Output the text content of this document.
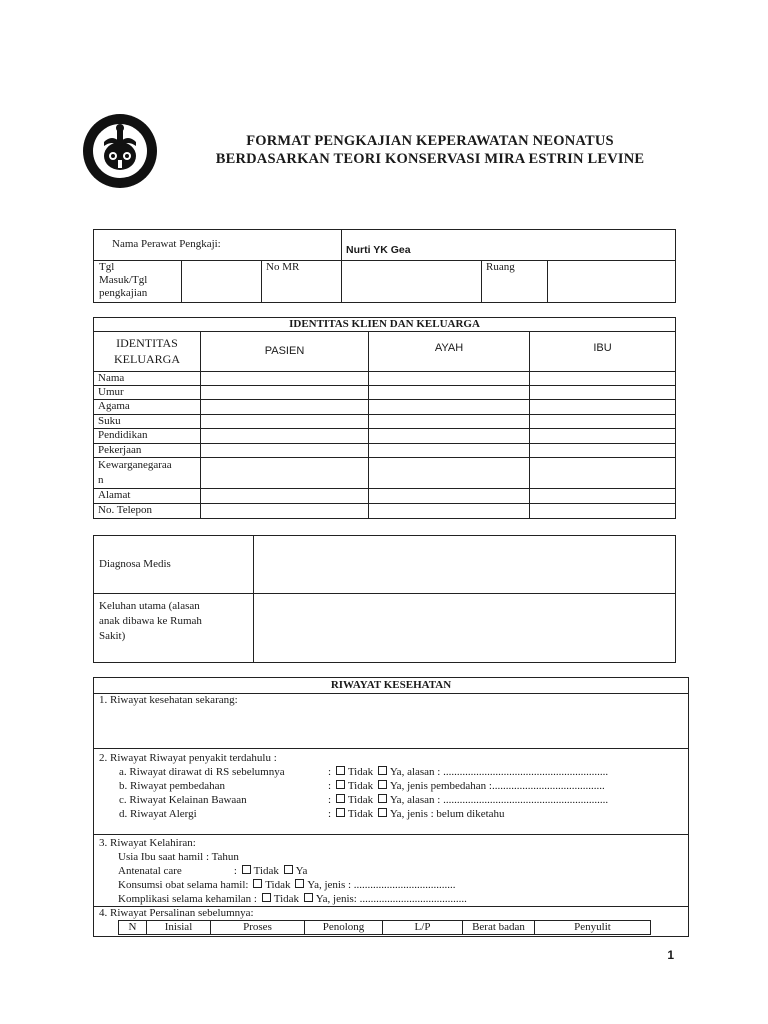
FORMAT PENGKAJIAN KEPERAWATAN NEONATUS
BERDASARKAN TEORI KONSERVASI MIRA ESTRIN LEVINE
Nama Perawat Pengkaji:			Nurti YK Gea		

Tgl
Masuk/Tgl
pengkajian		No MR		Ruang	
IDENTITAS KLIEN DAN KELUARGA			

IDENTITAS
KELUARGA	PASIEN	AYAH	IBU
Nama			
Umur			
Agama			
Suku			
Pendidikan			
Pekerjaan			

Kewarganegaraa
n			

Alamat			
No. Telepon			
Diagnosa Medis	

Keluhan utama (alasan
anak dibawa ke Rumah
Sakit)	

RIWAYAT KESEHATAN
1. Riwayat kesehatan sekarang:
2. Riwayat Riwayat penyakit terdahulu :
a. Riwayat dirawat di RS sebelumnya	: Tidak Ya, alasan : ............................................................
b. Riwayat pembedahan	: Tidak Ya, jenis pembedahan :.........................................
c. Riwayat Kelainan Bawaan	: Tidak Ya, alasan : ............................................................
d. Riwayat Alergi	: Tidak Ya, jenis : belum diketahu
3. Riwayat Kelahiran:
Usia Ibu saat hamil : Tahun
Antenatal care	: Tidak Ya
Konsumsi obat selama hamil: Tidak Ya, jenis : .....................................
Komplikasi selama kehamilan : Tidak Ya, jenis: .......................................
4. Riwayat Persalinan sebelumnya:
N	Inisial	Proses	Penolong	L/P	Berat badan	Penyulit
1
